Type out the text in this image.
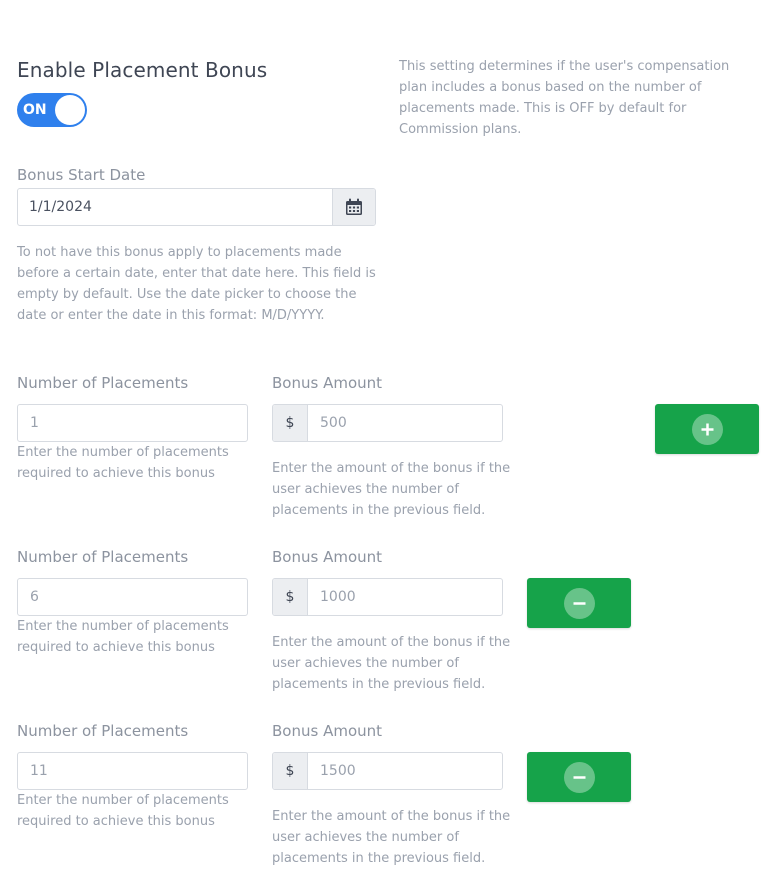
Enable Placement Bonus
ON
This setting determines if the user's compensation plan includes a bonus based on the number of placements made. This is OFF by default for Commission plans.
Bonus Start Date
1/1/2024
To not have this bonus apply to placements made before a certain date, enter that date here. This field is empty by default. Use the date picker to choose the date or enter the date in this format: M/D/YYYY.
Number of Placements	Bonus Amount
1	$	500
Enter the number of placements required to achieve this bonus	Enter the amount of the bonus if the user achieves the number of placements in the previous field.
Number of Placements	Bonus Amount
6	$	1000
Enter the number of placements required to achieve this bonus	Enter the amount of the bonus if the user achieves the number of placements in the previous field.
Number of Placements	Bonus Amount
11	$	1500
Enter the number of placements required to achieve this bonus	Enter the amount of the bonus if the user achieves the number of placements in the previous field.
